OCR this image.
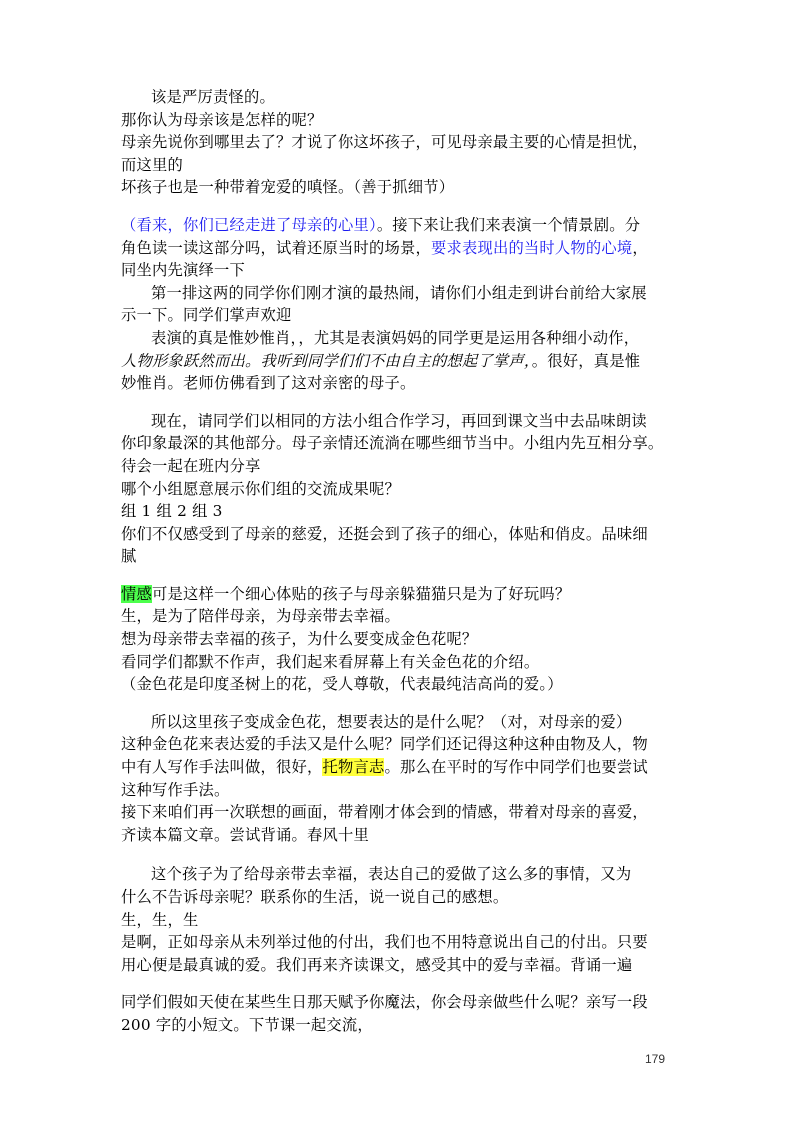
该是严厉责怪的。
那你认为母亲该是怎样的呢？
母亲先说你到哪里去了？才说了你这坏孩子，可见母亲最主要的心情是担忧，
而这里的
坏孩子也是一种带着宠爱的嗔怪。（善于抓细节）
（看来，你们已经走进了母亲的心里）。接下来让我们来表演一个情景剧。分
角色读一读这部分吗，试着还原当时的场景，要求表现出的当时人物的心境，
同坐内先演绎一下
第一排这两的同学你们刚才演的最热闹，请你们小组走到讲台前给大家展
示一下。同学们掌声欢迎
表演的真是惟妙惟肖，，尤其是表演妈妈的同学更是运用各种细小动作，
人物形象跃然而出。我听到同学们们不由自主的想起了掌声，。很好，真是惟
妙惟肖。老师仿佛看到了这对亲密的母子。
现在，请同学们以相同的方法小组合作学习，再回到课文当中去品味朗读
你印象最深的其他部分。母子亲情还流淌在哪些细节当中。小组内先互相分享。
待会一起在班内分享
哪个小组愿意展示你们组的交流成果呢？
组 1 组 2 组 3
你们不仅感受到了母亲的慈爱，还挺会到了孩子的细心，体贴和俏皮。品味细
腻
情感可是这样一个细心体贴的孩子与母亲躲猫猫只是为了好玩吗？
生，是为了陪伴母亲，为母亲带去幸福。
想为母亲带去幸福的孩子，为什么要变成金色花呢？
看同学们都默不作声，我们起来看屏幕上有关金色花的介绍。
（金色花是印度圣树上的花，受人尊敬，代表最纯洁高尚的爱。）
所以这里孩子变成金色花，想要表达的是什么呢？（对，对母亲的爱）
这种金色花来表达爱的手法又是什么呢？同学们还记得这种这种由物及人，物
中有人写作手法叫做，很好，托物言志。那么在平时的写作中同学们也要尝试
这种写作手法。
接下来咱们再一次联想的画面，带着刚才体会到的情感，带着对母亲的喜爱，
齐读本篇文章。尝试背诵。春风十里
这个孩子为了给母亲带去幸福，表达自己的爱做了这么多的事情，又为
什么不告诉母亲呢？联系你的生活，说一说自己的感想。
生，生，生
是啊，正如母亲从未列举过他的付出，我们也不用特意说出自己的付出。只要
用心便是最真诚的爱。我们再来齐读课文，感受其中的爱与幸福。背诵一遍
同学们假如天使在某些生日那天赋予你魔法，你会母亲做些什么呢？亲写一段
200 字的小短文。下节课一起交流，
179
